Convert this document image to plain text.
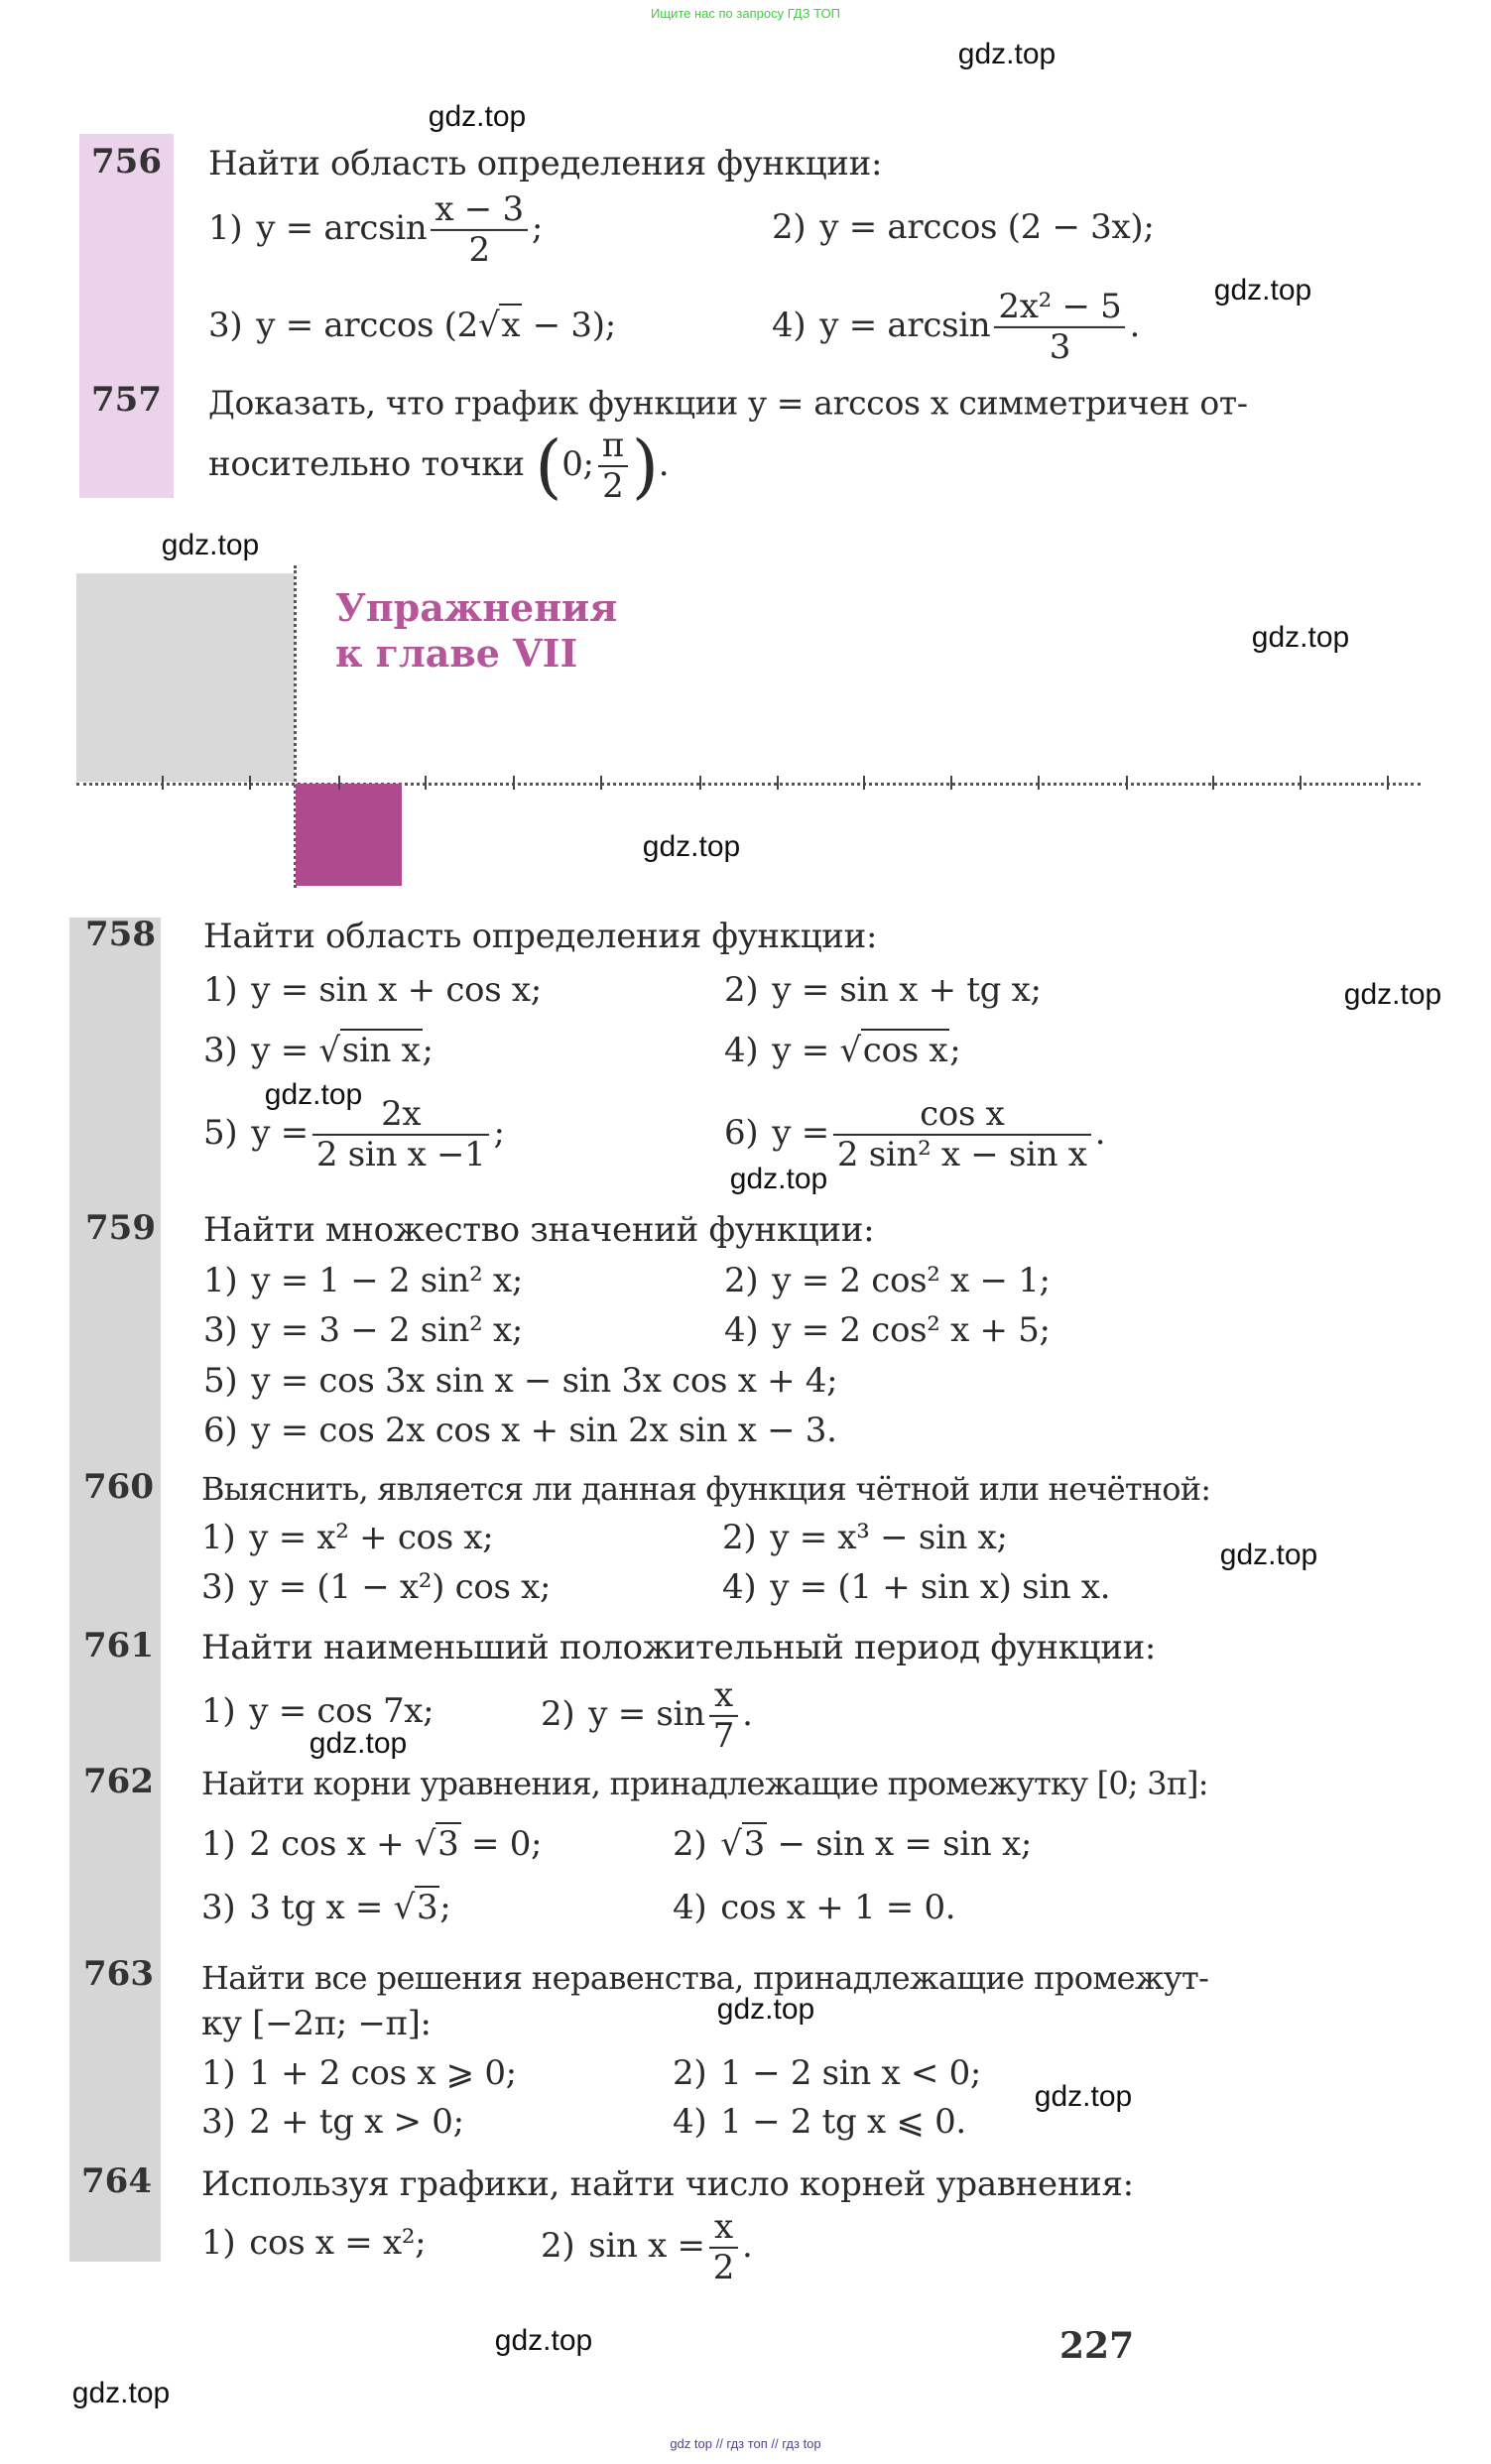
Ищите нас по запросу ГДЗ ТОП
gdz top // гдз топ // гдз top
Упражнения
к главе VII
756 Найти область определения функции:
1) $y = \arcsin \frac{x - 3}{2}$ ;	2) y = arccos (2 − 3x);
3) y = arccos (2√x − 3);	4) $y = \arcsin \frac{\text{2x² − 5}}{3}$ .
757 Доказать, что график функции y = arccos x симметричен от-
носительно точки (0; $\frac{\pi}{2}$ ).
758 Найти область определения функции:
1) y = sin x + cos x;	2) y = sin x + tg x;
3) y = √sin x;	4) y = √cos x;
5) $y = \frac{2x}{\text{2 sin x −1}}$ ;	6) $y = \frac{\text{cos x}}{\text{2 sin² x − sin x}}$ .
759 Найти множество значений функции:
1) y = 1 − 2 sin² x;	2) y = 2 cos² x − 1;
3) y = 3 − 2 sin² x;	4) y = 2 cos² x + 5;
5) y = cos 3x sin x − sin 3x cos x + 4;
6) y = cos 2x cos x + sin 2x sin x − 3.
760 Выяснить, является ли данная функция чётной или нечётной:
1) y = x² + cos x;	2) y = x³ − sin x;
3) y = (1 − x²) cos x;	4) y = (1 + sin x) sin x.
761 Найти наименьший положительный период функции:
1) y = cos 7x;	2) $y = \sin \frac{x}{7}$ .
762 Найти корни уравнения, принадлежащие промежутку [0; 3π]:
1) 2 cos x + √3 = 0;	2) √3 − sin x = sin x;
3) 3 tg x = √3;	4) cos x + 1 = 0.
763 Найти все решения неравенства, принадлежащие промежут-
ку [−2π; −π]:
1) 1 + 2 cos x ⩾ 0;	2) 1 − 2 sin x < 0;
3) 2 + tg x > 0;	4) 1 − 2 tg x ⩽ 0.
764 Используя графики, найти число корней уравнения:
1) cos x = x²;	2) $\sin x = \frac{x}{2}$ .
227
gdz.top
gdz.top
gdz.top
gdz.top
gdz.top
gdz.top
gdz.top
gdz.top
gdz.top
gdz.top
gdz.top
gdz.top
gdz.top
gdz.top
gdz.top
